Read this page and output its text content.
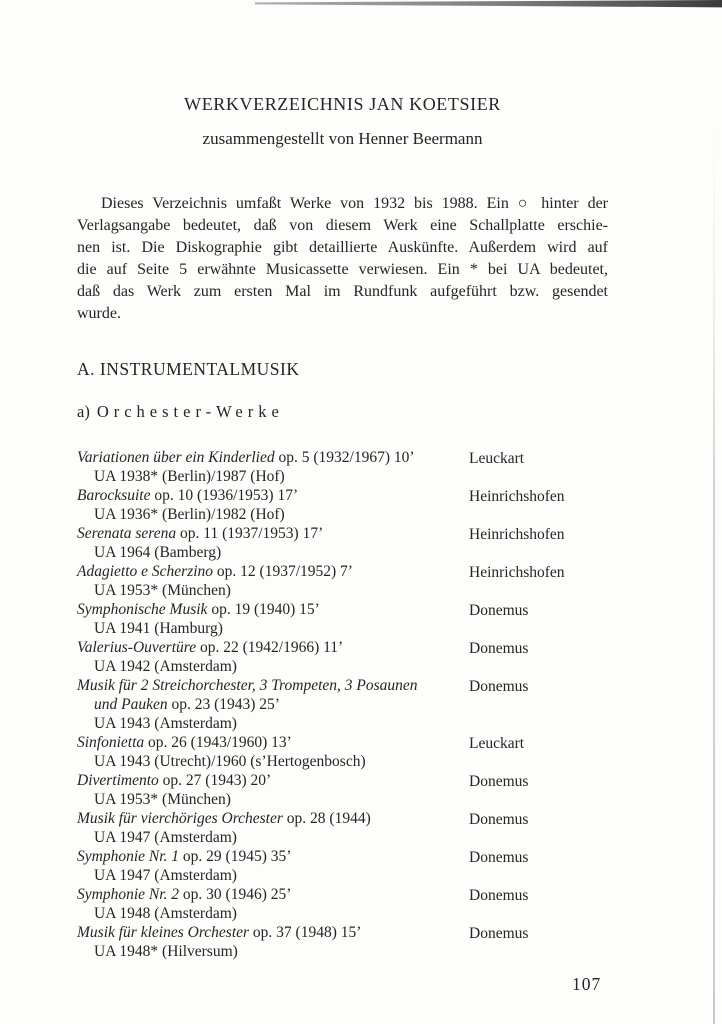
WERKVERZEICHNIS JAN KOETSIER
zusammengestellt von Henner Beermann
Dieses Verzeichnis umfaßt Werke von 1932 bis 1988. Ein ○ hinter der
Verlagsangabe bedeutet, daß von diesem Werk eine Schallplatte erschie-
nen ist. Die Diskographie gibt detaillierte Auskünfte. Außerdem wird auf
die auf Seite 5 erwähnte Musicassette verwiesen. Ein * bei UA bedeutet,
daß das Werk zum ersten Mal im Rundfunk aufgeführt bzw. gesendet
wurde.
A. INSTRUMENTALMUSIK
a) Orchester-Werke
Variationen über ein Kinderlied op. 5 (1932/1967) 10’
UA 1938* (Berlin)/1987 (Hof)
Leuckart
Barocksuite op. 10 (1936/1953) 17’
UA 1936* (Berlin)/1982 (Hof)
Heinrichshofen
Serenata serena op. 11 (1937/1953) 17’
UA 1964 (Bamberg)
Heinrichshofen
Adagietto e Scherzino op. 12 (1937/1952) 7’
UA 1953* (München)
Heinrichshofen
Symphonische Musik op. 19 (1940) 15’
UA 1941 (Hamburg)
Donemus
Valerius-Ouvertüre op. 22 (1942/1966) 11’
UA 1942 (Amsterdam)
Donemus
Musik für 2 Streichorchester, 3 Trompeten, 3 Posaunen
und Pauken op. 23 (1943) 25’
UA 1943 (Amsterdam)
Donemus
Sinfonietta op. 26 (1943/1960) 13’
UA 1943 (Utrecht)/1960 (s’Hertogenbosch)
Leuckart
Divertimento op. 27 (1943) 20’
UA 1953* (München)
Donemus
Musik für vierchöriges Orchester op. 28 (1944)
UA 1947 (Amsterdam)
Donemus
Symphonie Nr. 1 op. 29 (1945) 35’
UA 1947 (Amsterdam)
Donemus
Symphonie Nr. 2 op. 30 (1946) 25’
UA 1948 (Amsterdam)
Donemus
Musik für kleines Orchester op. 37 (1948) 15’
UA 1948* (Hilversum)
Donemus
107
